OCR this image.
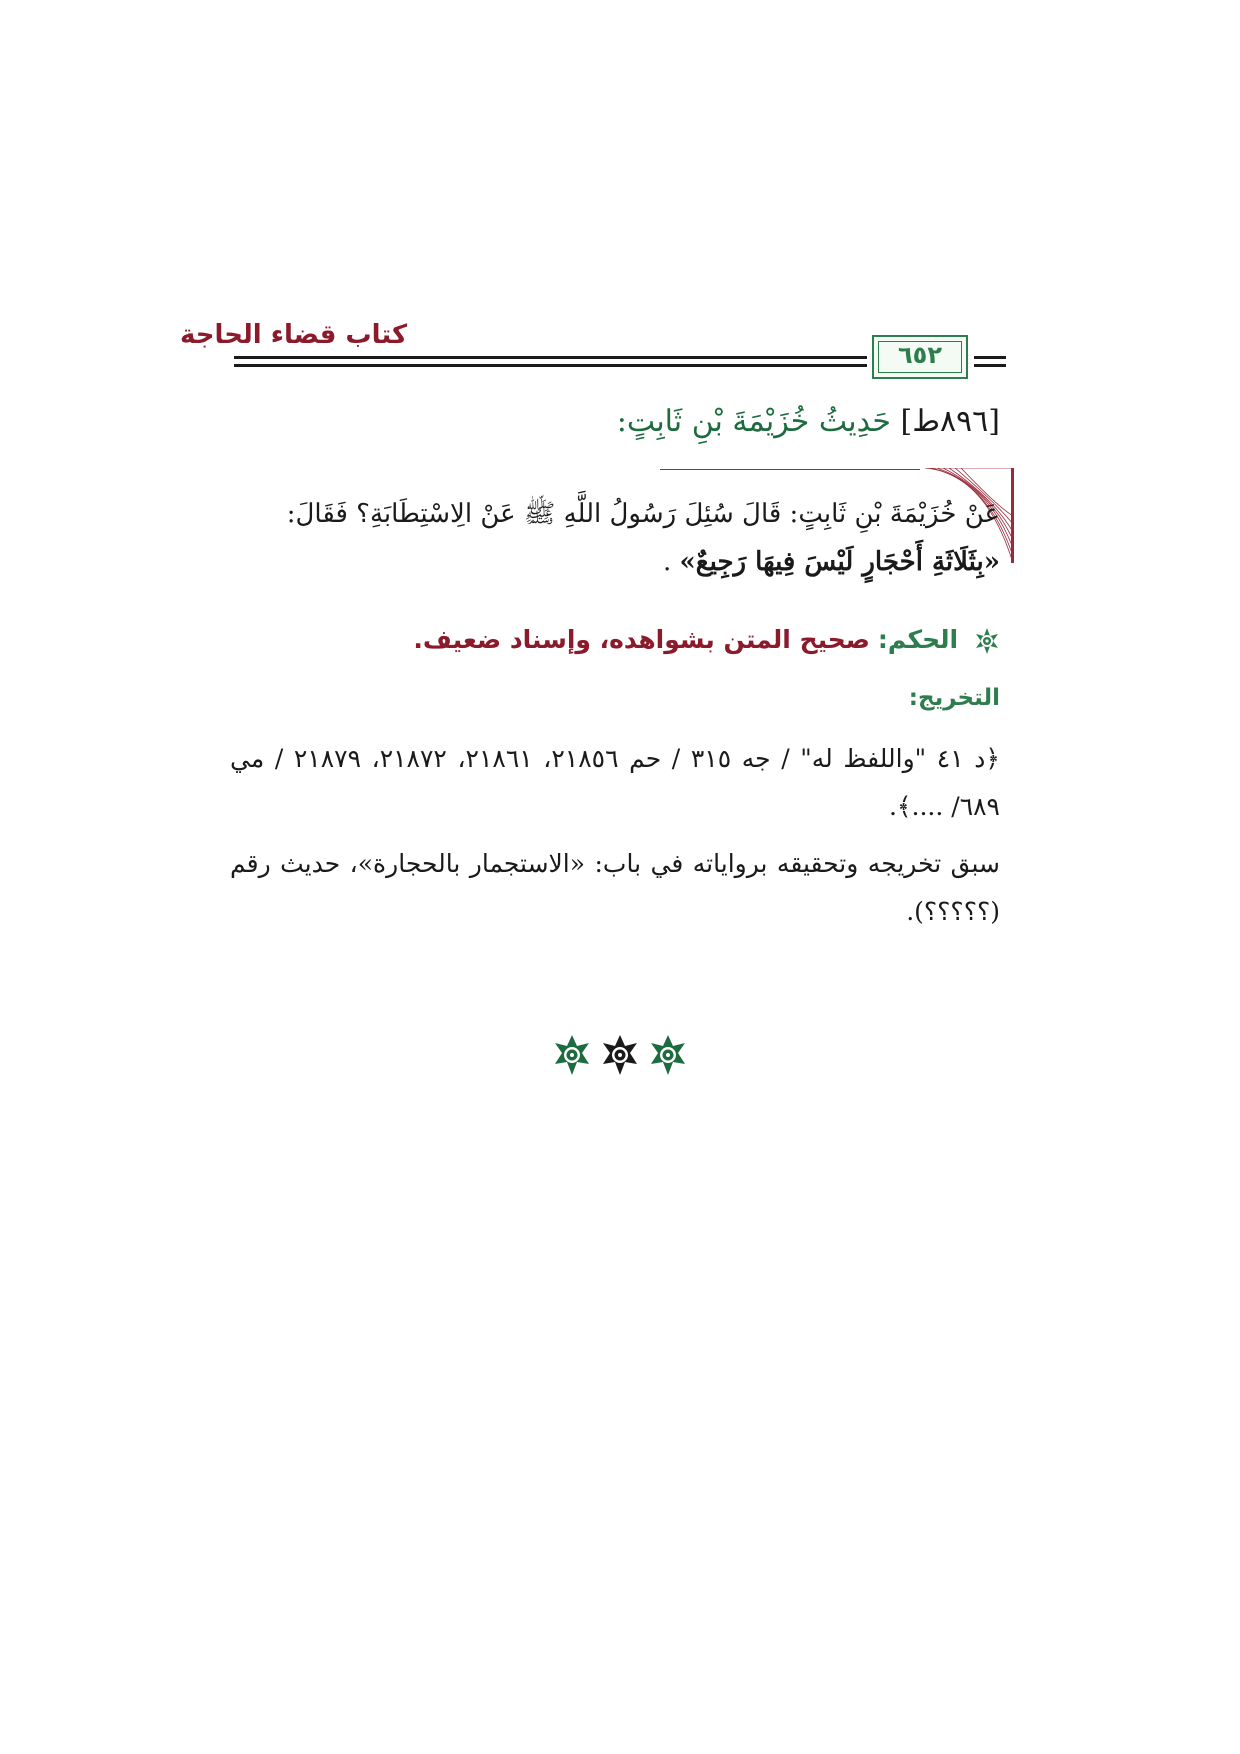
كتاب قضاء الحاجة
٦٥٢
[٨٩٦ط] حَدِيثُ خُزَيْمَةَ بْنِ ثَابِتٍ:
عَنْ خُزَيْمَةَ بْنِ ثَابِتٍ: قَالَ سُئِلَ رَسُولُ اللَّهِ ﷺ عَنْ الِاسْتِطَابَةِ؟ فَقَالَ:
«بِثَلَاثَةِ أَحْجَارٍ لَيْسَ فِيهَا رَجِيعٌ» .
الحكم: صحيح المتن بشواهده، وإسناد ضعيف.
التخريج:
﴿د ٤١ "واللفظ له" / جه ٣١٥ / حم ٢١٨٥٦، ٢١٨٦١، ٢١٨٧٢، ٢١٨٧٩ / مي ٦٨٩/ ....﴾.
سبق تخريجه وتحقيقه برواياته في باب: «الاستجمار بالحجارة»، حديث رقم (؟؟؟؟؟).
